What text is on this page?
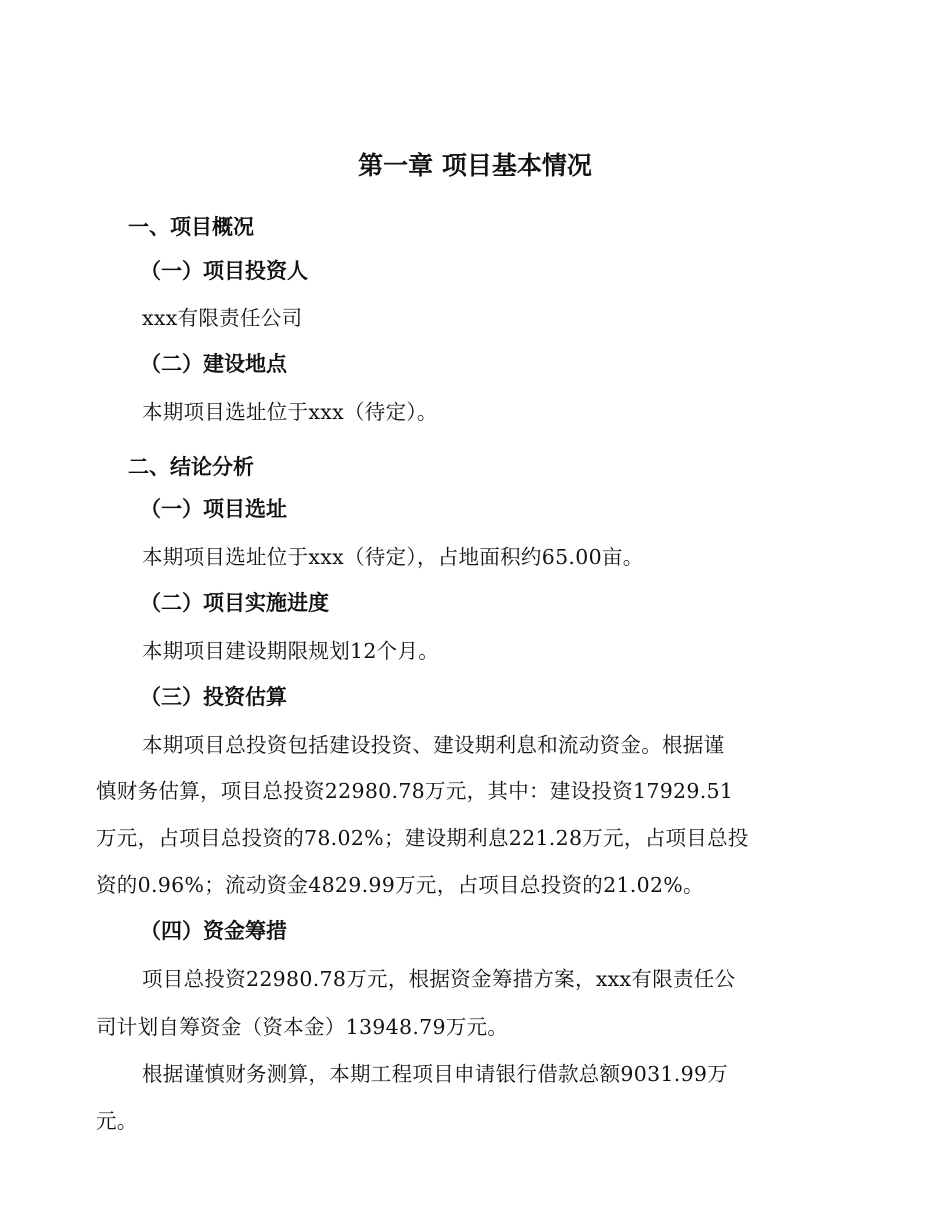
第一章 项目基本情况
一、项目概况
（一）项目投资人
xxx有限责任公司
（二）建设地点
本期项目选址位于xxx（待定）。
二、结论分析
（一）项目选址
本期项目选址位于xxx（待定），占地面积约65.00亩。
（二）项目实施进度
本期项目建设期限规划12个月。
（三）投资估算
本期项目总投资包括建设投资、建设期利息和流动资金。根据谨
慎财务估算，项目总投资22980.78万元，其中：建设投资17929.51
万元，占项目总投资的78.02%；建设期利息221.28万元，占项目总投
资的0.96%；流动资金4829.99万元，占项目总投资的21.02%。
（四）资金筹措
项目总投资22980.78万元，根据资金筹措方案，xxx有限责任公
司计划自筹资金（资本金）13948.79万元。
根据谨慎财务测算，本期工程项目申请银行借款总额9031.99万
元。
